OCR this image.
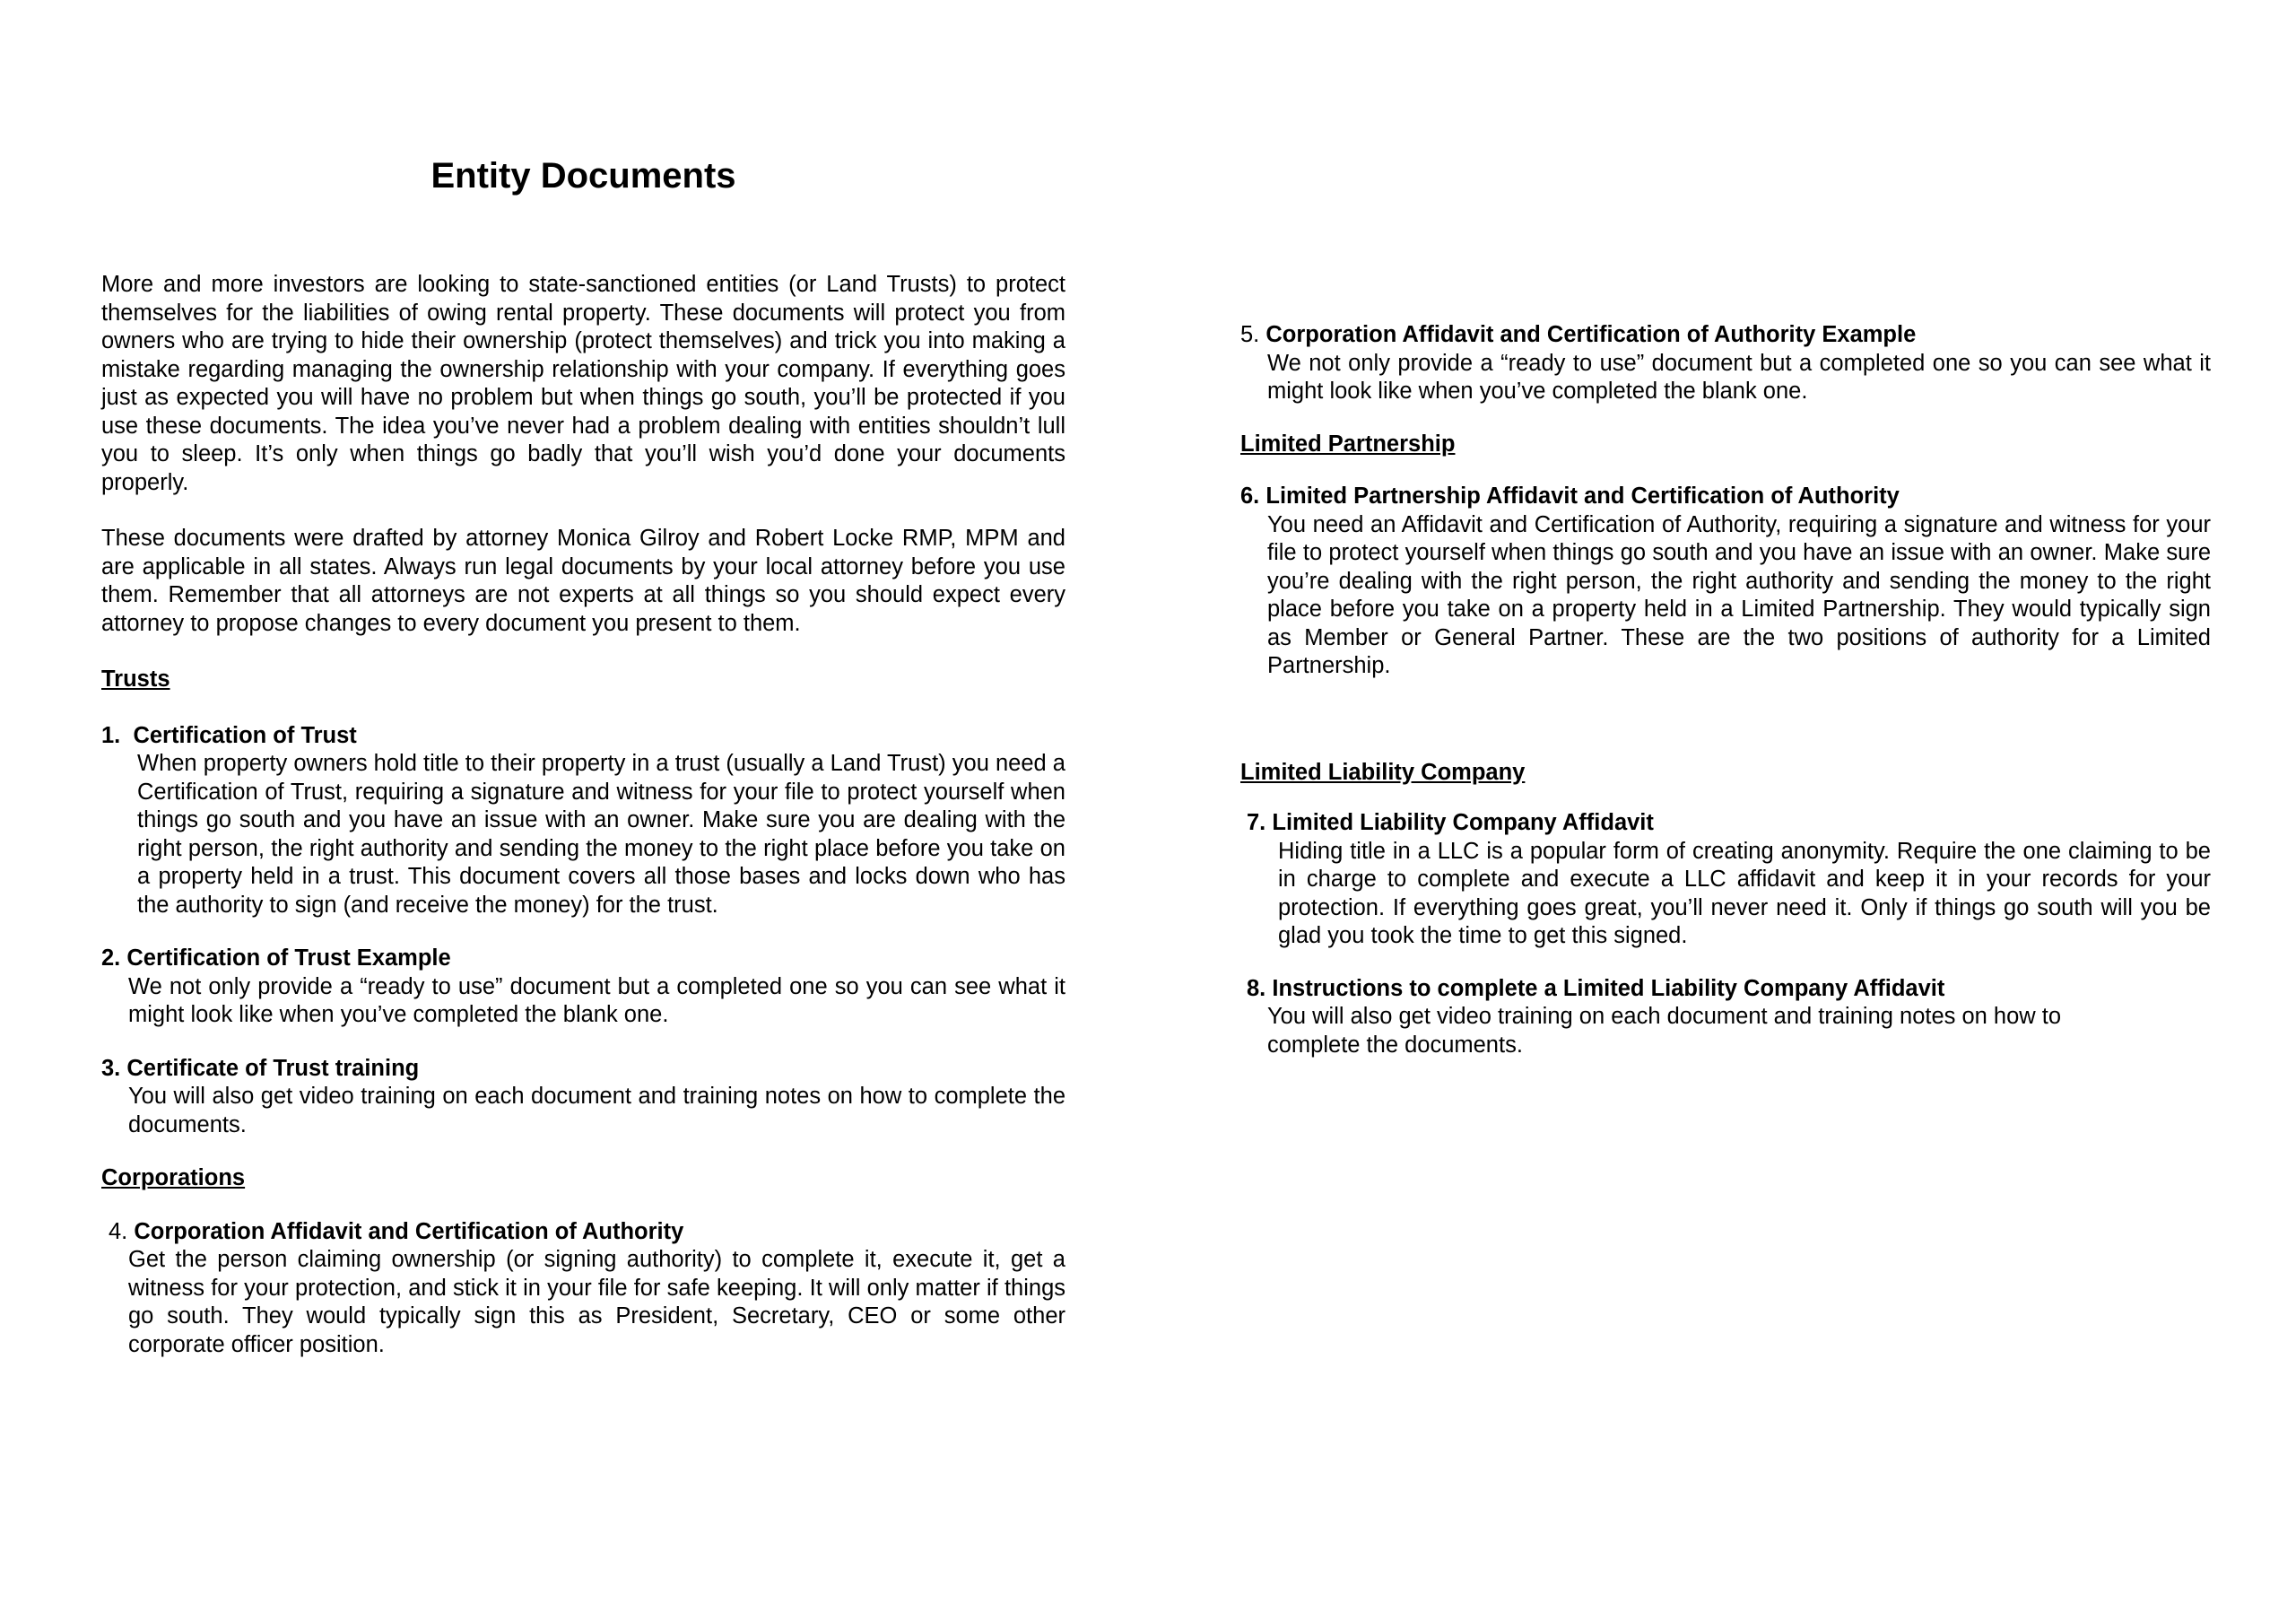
Entity Documents

More and more investors are looking to state-sanctioned entities (or Land Trusts) to protect themselves for the liabilities of owing rental property. These documents will protect you from owners who are trying to hide their ownership (protect themselves) and trick you into making a mistake regarding managing the ownership relationship with your company. If everything goes just as expected you will have no problem but when things go south, you’ll be protected if you use these documents. The idea you’ve never had a problem dealing with entities shouldn’t lull you to sleep. It’s only when things go badly that you’ll wish you’d done your documents properly.

These documents were drafted by attorney Monica Gilroy and Robert Locke RMP, MPM and are applicable in all states. Always run legal documents by your local attorney before you use them. Remember that all attorneys are not experts at all things so you should expect every attorney to propose changes to every document you present to them.

Trusts

1. Certification of Trust

When property owners hold title to their property in a trust (usually a Land Trust) you need a Certification of Trust, requiring a signature and witness for your file to protect yourself when things go south and you have an issue with an owner. Make sure you are dealing with the right person, the right authority and sending the money to the right place before you take on a property held in a trust. This document covers all those bases and locks down who has the authority to sign (and receive the money) for the trust.

2. Certification of Trust Example

We not only provide a “ready to use” document but a completed one so you can see what it might look like when you’ve completed the blank one.

3. Certificate of Trust training

You will also get video training on each document and training notes on how to complete the documents.

Corporations

4. Corporation Affidavit and Certification of Authority

Get the person claiming ownership (or signing authority) to complete it, execute it, get a witness for your protection, and stick it in your file for safe keeping. It will only matter if things go south. They would typically sign this as President, Secretary, CEO or some other corporate officer position.

5. Corporation Affidavit and Certification of Authority Example

We not only provide a “ready to use” document but a completed one so you can see what it might look like when you’ve completed the blank one.

Limited Partnership

6. Limited Partnership Affidavit and Certification of Authority

You need an Affidavit and Certification of Authority, requiring a signature and witness for your file to protect yourself when things go south and you have an issue with an owner. Make sure you’re dealing with the right person, the right authority and sending the money to the right place before you take on a property held in a Limited Partnership. They would typically sign as Member or General Partner. These are the two positions of authority for a Limited Partnership.

Limited Liability Company

7. Limited Liability Company Affidavit

Hiding title in a LLC is a popular form of creating anonymity. Require the one claiming to be in charge to complete and execute a LLC affidavit and keep it in your records for your protection. If everything goes great, you’ll never need it. Only if things go south will you be glad you took the time to get this signed.

8. Instructions to complete a Limited Liability Company Affidavit

You will also get video training on each document and training notes on how to complete the documents.
